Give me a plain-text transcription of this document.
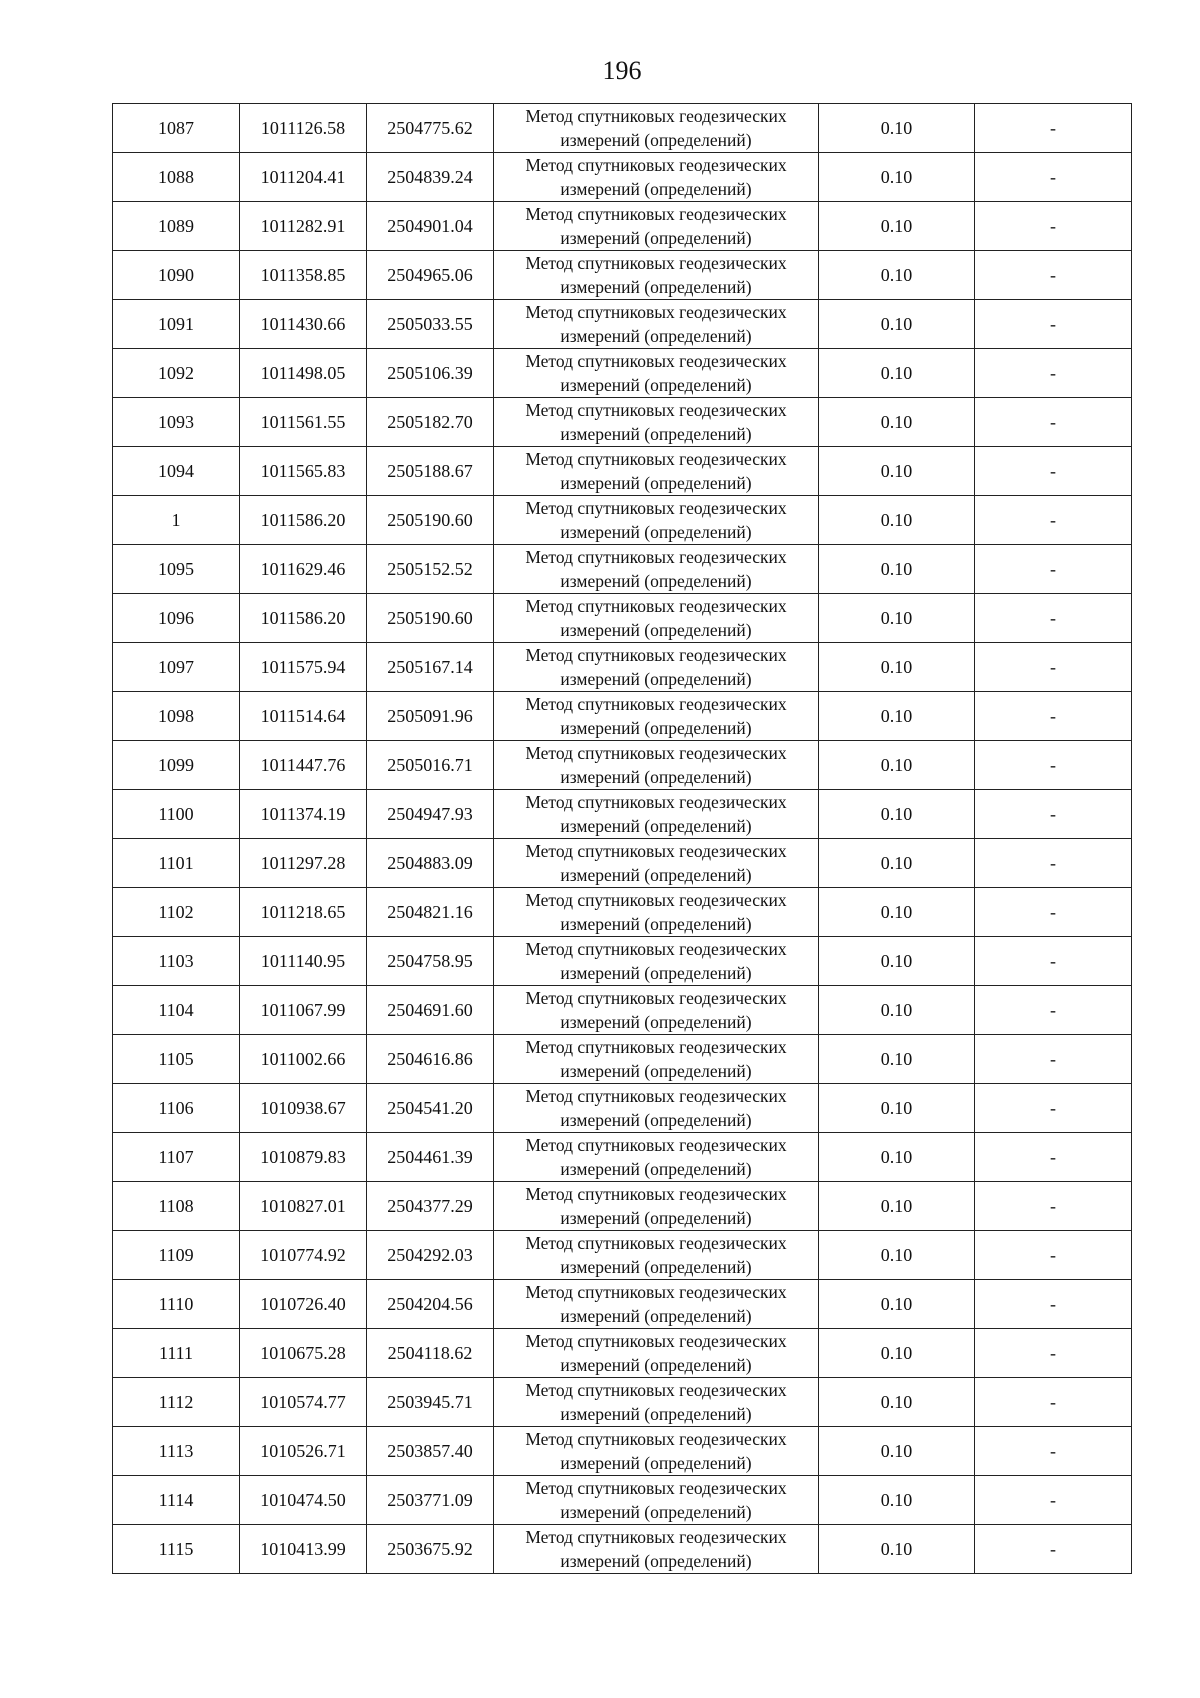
196
1087	1011126.58	2504775.62	Метод спутниковых геодезических
измерений (определений)	0.10	-
1088	1011204.41	2504839.24	Метод спутниковых геодезических
измерений (определений)	0.10	-
1089	1011282.91	2504901.04	Метод спутниковых геодезических
измерений (определений)	0.10	-
1090	1011358.85	2504965.06	Метод спутниковых геодезических
измерений (определений)	0.10	-
1091	1011430.66	2505033.55	Метод спутниковых геодезических
измерений (определений)	0.10	-
1092	1011498.05	2505106.39	Метод спутниковых геодезических
измерений (определений)	0.10	-
1093	1011561.55	2505182.70	Метод спутниковых геодезических
измерений (определений)	0.10	-
1094	1011565.83	2505188.67	Метод спутниковых геодезических
измерений (определений)	0.10	-
1	1011586.20	2505190.60	Метод спутниковых геодезических
измерений (определений)	0.10	-
1095	1011629.46	2505152.52	Метод спутниковых геодезических
измерений (определений)	0.10	-
1096	1011586.20	2505190.60	Метод спутниковых геодезических
измерений (определений)	0.10	-
1097	1011575.94	2505167.14	Метод спутниковых геодезических
измерений (определений)	0.10	-
1098	1011514.64	2505091.96	Метод спутниковых геодезических
измерений (определений)	0.10	-
1099	1011447.76	2505016.71	Метод спутниковых геодезических
измерений (определений)	0.10	-
1100	1011374.19	2504947.93	Метод спутниковых геодезических
измерений (определений)	0.10	-
1101	1011297.28	2504883.09	Метод спутниковых геодезических
измерений (определений)	0.10	-
1102	1011218.65	2504821.16	Метод спутниковых геодезических
измерений (определений)	0.10	-
1103	1011140.95	2504758.95	Метод спутниковых геодезических
измерений (определений)	0.10	-
1104	1011067.99	2504691.60	Метод спутниковых геодезических
измерений (определений)	0.10	-
1105	1011002.66	2504616.86	Метод спутниковых геодезических
измерений (определений)	0.10	-
1106	1010938.67	2504541.20	Метод спутниковых геодезических
измерений (определений)	0.10	-
1107	1010879.83	2504461.39	Метод спутниковых геодезических
измерений (определений)	0.10	-
1108	1010827.01	2504377.29	Метод спутниковых геодезических
измерений (определений)	0.10	-
1109	1010774.92	2504292.03	Метод спутниковых геодезических
измерений (определений)	0.10	-
1110	1010726.40	2504204.56	Метод спутниковых геодезических
измерений (определений)	0.10	-
1111	1010675.28	2504118.62	Метод спутниковых геодезических
измерений (определений)	0.10	-
1112	1010574.77	2503945.71	Метод спутниковых геодезических
измерений (определений)	0.10	-
1113	1010526.71	2503857.40	Метод спутниковых геодезических
измерений (определений)	0.10	-
1114	1010474.50	2503771.09	Метод спутниковых геодезических
измерений (определений)	0.10	-
1115	1010413.99	2503675.92	Метод спутниковых геодезических
измерений (определений)	0.10	-
